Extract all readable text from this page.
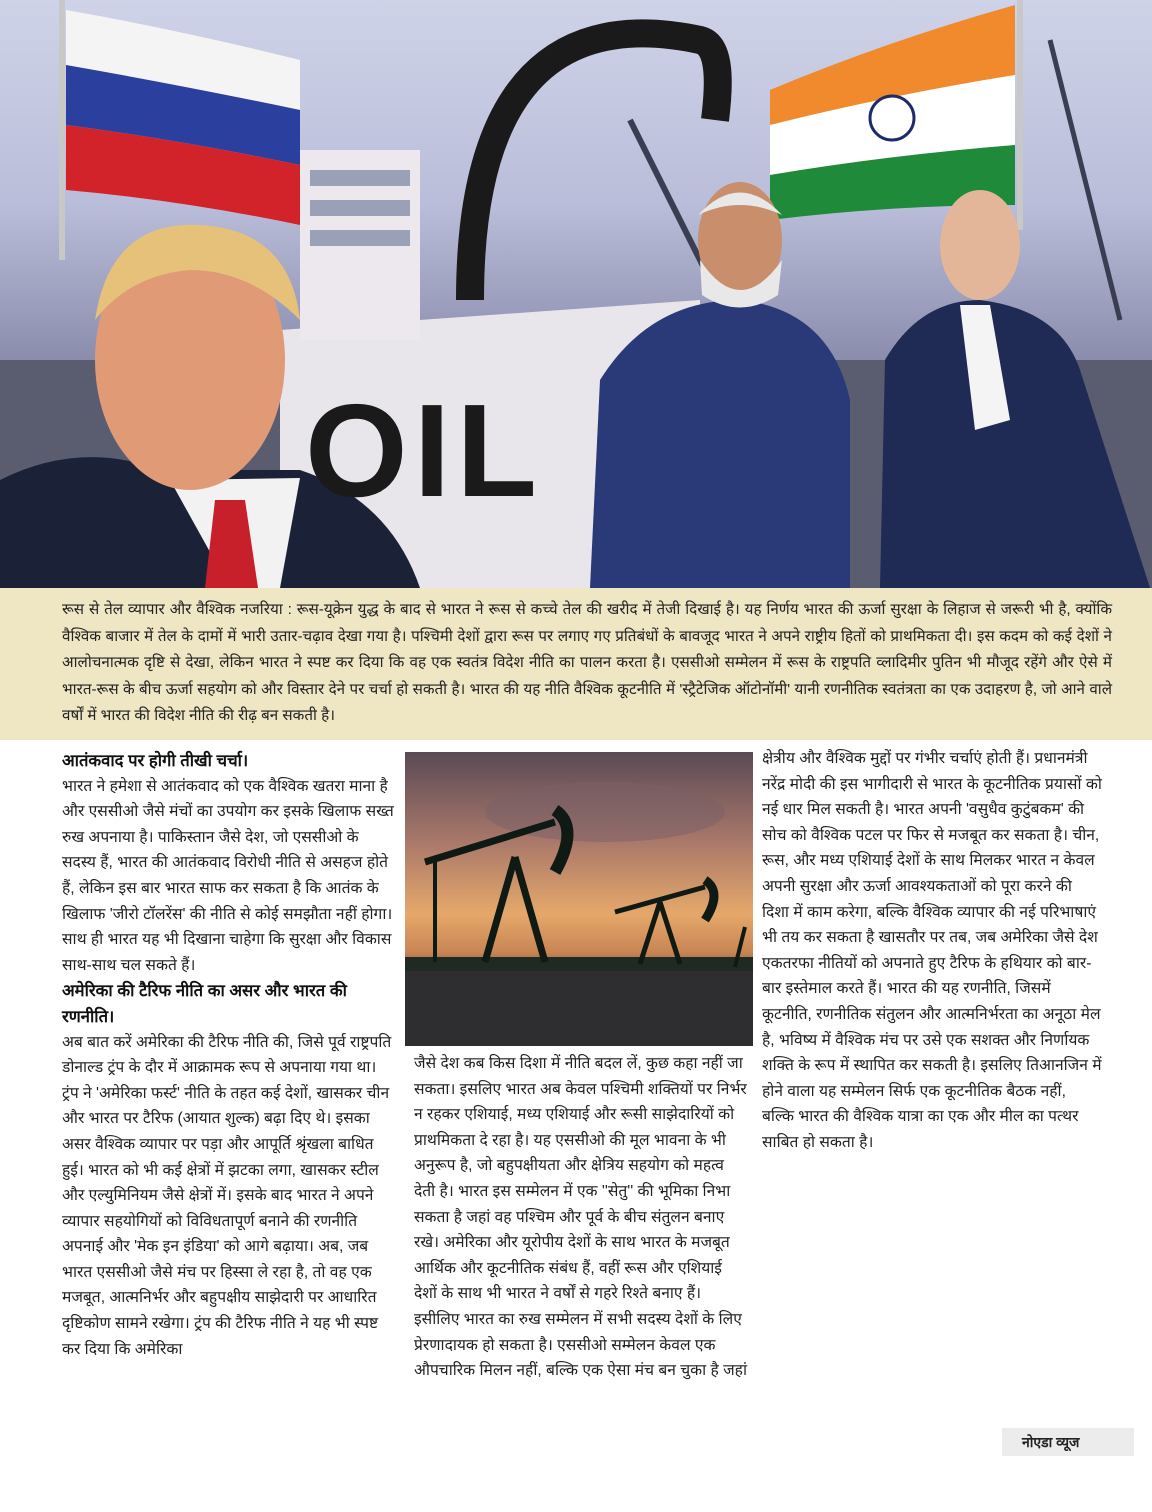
OIL
रूस से तेल व्यापार और वैश्विक नजरिया : रूस-यूक्रेन युद्ध के बाद से भारत ने रूस से कच्चे तेल की खरीद में तेजी दिखाई है। यह निर्णय भारत की ऊर्जा सुरक्षा के लिहाज से जरूरी भी है, क्योंकि वैश्विक बाजार में तेल के दामों में भारी उतार-चढ़ाव देखा गया है। पश्चिमी देशों द्वारा रूस पर लगाए गए प्रतिबंधों के बावजूद भारत ने अपने राष्ट्रीय हितों को प्राथमिकता दी। इस कदम को कई देशों ने आलोचनात्मक दृष्टि से देखा, लेकिन भारत ने स्पष्ट कर दिया कि वह एक स्वतंत्र विदेश नीति का पालन करता है। एससीओ सम्मेलन में रूस के राष्ट्रपति व्लादिमीर पुतिन भी मौजूद रहेंगे और ऐसे में भारत-रूस के बीच ऊर्जा सहयोग को और विस्तार देने पर चर्चा हो सकती है। भारत की यह नीति वैश्विक कूटनीति में 'स्ट्रैटेजिक ऑटोनॉमी' यानी रणनीतिक स्वतंत्रता का एक उदाहरण है, जो आने वाले वर्षों में भारत की विदेश नीति की रीढ़ बन सकती है।
आतंकवाद पर होगी तीखी चर्चा।

भारत ने हमेशा से आतंकवाद को एक वैश्विक खतरा माना है और एससीओ जैसे मंचों का उपयोग कर इसके खिलाफ सख्त रुख अपनाया है। पाकिस्तान जैसे देश, जो एससीओ के सदस्य हैं, भारत की आतंकवाद विरोधी नीति से असहज होते हैं, लेकिन इस बार भारत साफ कर सकता है कि आतंक के खिलाफ 'जीरो टॉलरेंस' की नीति से कोई समझौता नहीं होगा। साथ ही भारत यह भी दिखाना चाहेगा कि सुरक्षा और विकास साथ-साथ चल सकते हैं।

अमेरिका की टैरिफ नीति का असर और भारत की रणनीति।

अब बात करें अमेरिका की टैरिफ नीति की, जिसे पूर्व राष्ट्रपति डोनाल्ड ट्रंप के दौर में आक्रामक रूप से अपनाया गया था। ट्रंप ने 'अमेरिका फर्स्ट' नीति के तहत कई देशों, खासकर चीन और भारत पर टैरिफ (आयात शुल्क) बढ़ा दिए थे। इसका असर वैश्विक व्यापार पर पड़ा और आपूर्ति श्रृंखला बाधित हुई। भारत को भी कई क्षेत्रों में झटका लगा, खासकर स्टील और एल्युमिनियम जैसे क्षेत्रों में। इसके बाद भारत ने अपने व्यापार सहयोगियों को विविधतापूर्ण बनाने की रणनीति अपनाई और 'मेक इन इंडिया' को आगे बढ़ाया। अब, जब भारत एससीओ जैसे मंच पर हिस्सा ले रहा है, तो वह एक मजबूत, आत्मनिर्भर और बहुपक्षीय साझेदारी पर आधारित दृष्टिकोण सामने रखेगा। ट्रंप की टैरिफ नीति ने यह भी स्पष्ट कर दिया कि अमेरिका

जैसे देश कब किस दिशा में नीति बदल लें, कुछ कहा नहीं जा सकता। इसलिए भारत अब केवल पश्चिमी शक्तियों पर निर्भर न रहकर एशियाई, मध्य एशियाई और रूसी साझेदारियों को प्राथमिकता दे रहा है। यह एससीओ की मूल भावना के भी अनुरूप है, जो बहुपक्षीयता और क्षेत्रिय सहयोग को महत्व देती है। भारत इस सम्मेलन में एक ''सेतु'' की भूमिका निभा सकता है जहां वह पश्चिम और पूर्व के बीच संतुलन बनाए रखे। अमेरिका और यूरोपीय देशों के साथ भारत के मजबूत आर्थिक और कूटनीतिक संबंध हैं, वहीं रूस और एशियाई देशों के साथ भी भारत ने वर्षों से गहरे रिश्ते बनाए हैं। इसीलिए भारत का रुख सम्मेलन में सभी सदस्य देशों के लिए प्रेरणादायक हो सकता है। एससीओ सम्मेलन केवल एक औपचारिक मिलन नहीं, बल्कि एक ऐसा मंच बन चुका है जहां

क्षेत्रीय और वैश्विक मुद्दों पर गंभीर चर्चाएं होती हैं। प्रधानमंत्री नरेंद्र मोदी की इस भागीदारी से भारत के कूटनीतिक प्रयासों को नई धार मिल सकती है। भारत अपनी 'वसुधैव कुटुंबकम' की सोच को वैश्विक पटल पर फिर से मजबूत कर सकता है। चीन, रूस, और मध्य एशियाई देशों के साथ मिलकर भारत न केवल अपनी सुरक्षा और ऊर्जा आवश्यकताओं को पूरा करने की दिशा में काम करेगा, बल्कि वैश्विक व्यापार की नई परिभाषाएं भी तय कर सकता है खासतौर पर तब, जब अमेरिका जैसे देश एकतरफा नीतियों को अपनाते हुए टैरिफ के हथियार को बार-बार इस्तेमाल करते हैं। भारत की यह रणनीति, जिसमें कूटनीति, रणनीतिक संतुलन और आत्मनिर्भरता का अनूठा मेल है, भविष्य में वैश्विक मंच पर उसे एक सशक्त और निर्णायक शक्ति के रूप में स्थापित कर सकती है। इसलिए तिआनजिन में होने वाला यह सम्मेलन सिर्फ एक कूटनीतिक बैठक नहीं, बल्कि भारत की वैश्विक यात्रा का एक और मील का पत्थर साबित हो सकता है।

नोएडा व्यूज
